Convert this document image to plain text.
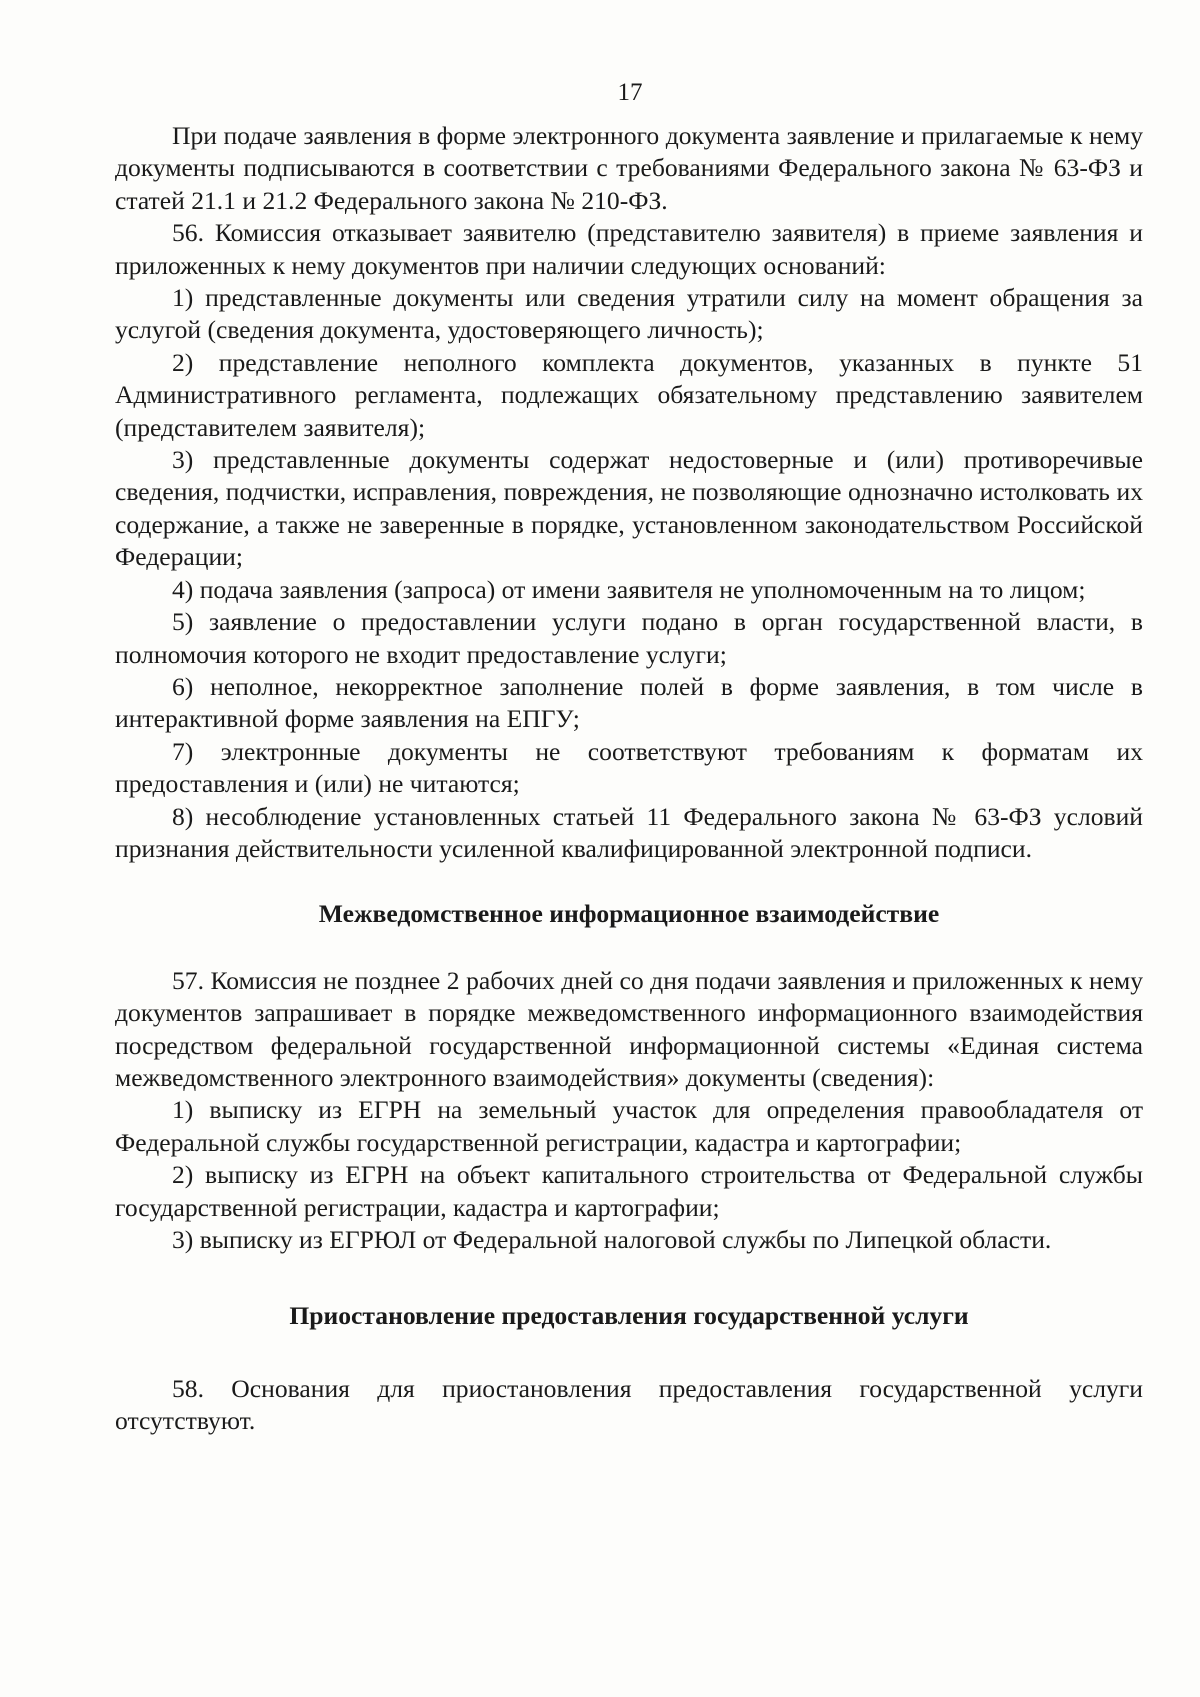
17

При подаче заявления в форме электронного документа заявление и прилагаемые к нему документы подписываются в соответствии с требованиями Федерального закона № 63-ФЗ и статей 21.1 и 21.2 Федерального закона № 210-ФЗ.

56. Комиссия отказывает заявителю (представителю заявителя) в приеме заявления и приложенных к нему документов при наличии следующих оснований:

1) представленные документы или сведения утратили силу на момент обращения за услугой (сведения документа, удостоверяющего личность);

2) представление неполного комплекта документов, указанных в пункте 51 Административного регламента, подлежащих обязательному представлению заявителем (представителем заявителя);

3) представленные документы содержат недостоверные и (или) противоречивые сведения, подчистки, исправления, повреждения, не позволяющие однозначно истолковать их содержание, а также не заверенные в порядке, установленном законодательством Российской Федерации;

4) подача заявления (запроса) от имени заявителя не уполномоченным на то лицом;

5) заявление о предоставлении услуги подано в орган государственной власти, в полномочия которого не входит предоставление услуги;

6) неполное, некорректное заполнение полей в форме заявления, в том числе в интерактивной форме заявления на ЕПГУ;

7) электронные документы не соответствуют требованиям к форматам их предоставления и (или) не читаются;

8) несоблюдение установленных статьей 11 Федерального закона № 63-ФЗ условий признания действительности усиленной квалифицированной электронной подписи.

Межведомственное информационное взаимодействие

57. Комиссия не позднее 2 рабочих дней со дня подачи заявления и приложенных к нему документов запрашивает в порядке межведомственного информационного взаимодействия посредством федеральной государственной информационной системы «Единая система межведомственного электронного взаимодействия» документы (сведения):

1) выписку из ЕГРН на земельный участок для определения правообладателя от Федеральной службы государственной регистрации, кадастра и картографии;

2) выписку из ЕГРН на объект капитального строительства от Федеральной службы государственной регистрации, кадастра и картографии;

3) выписку из ЕГРЮЛ от Федеральной налоговой службы по Липецкой области.

Приостановление предоставления государственной услуги

58. Основания для приостановления предоставления государственной услуги отсутствуют.
